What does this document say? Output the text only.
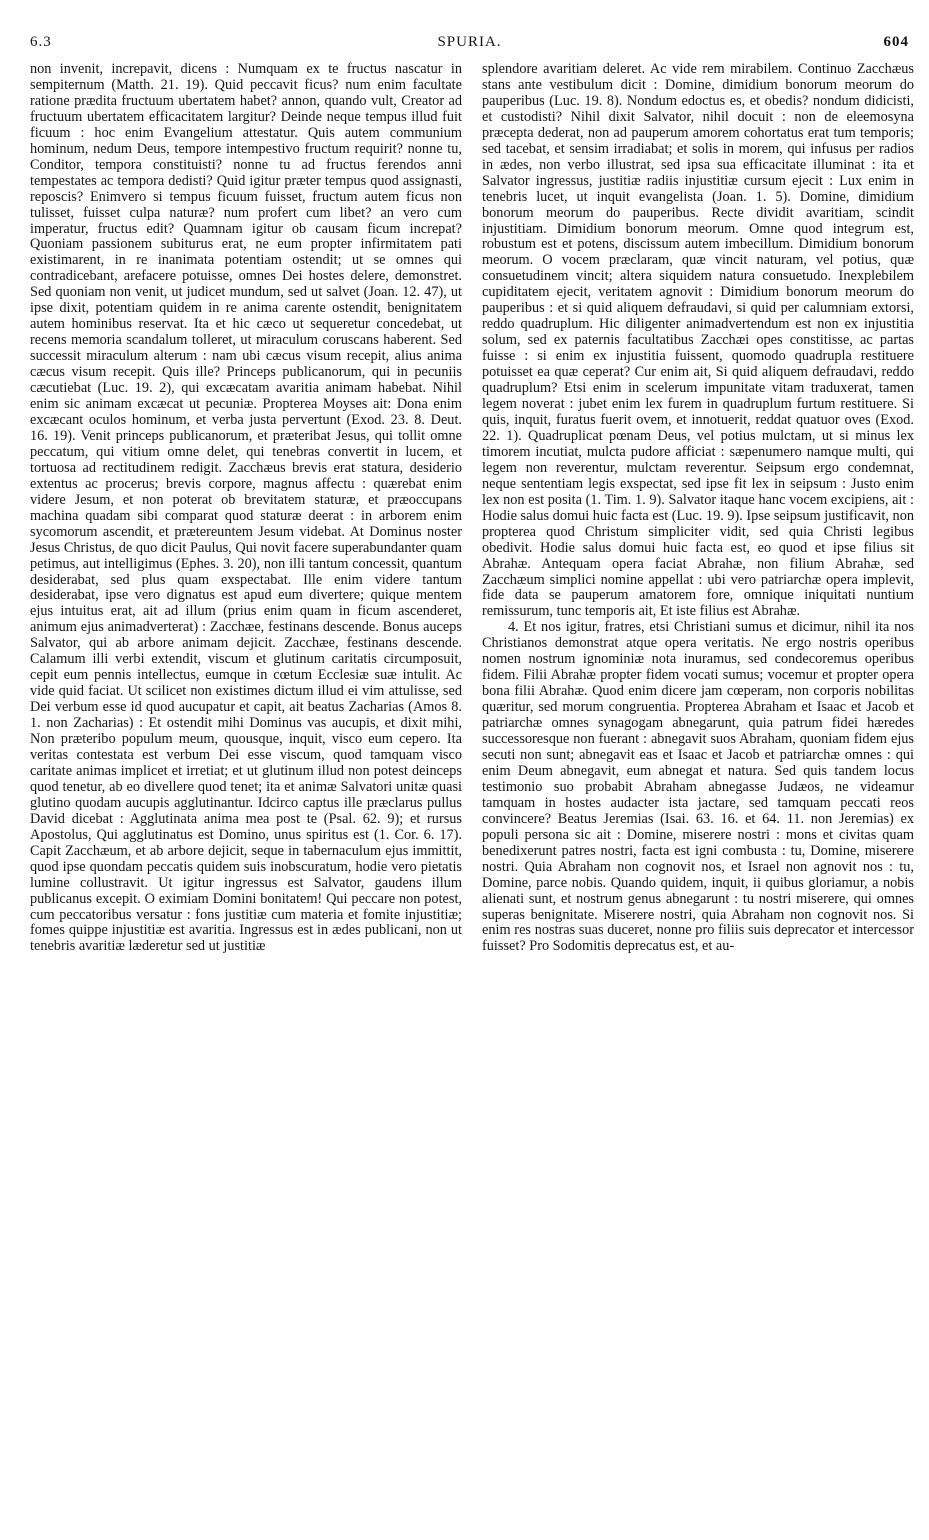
6.3	SPURIA.	604

non invenit, increpavit, dicens : Numquam ex te fructus nascatur in sempiternum (Matth. 21. 19). Quid peccavit ficus? num enim facultate ratione prædita fructuum ubertatem habet? annon, quando vult, Creator ad fructuum ubertatem efficacitatem largitur? Deinde neque tempus illud fuit ficuum : hoc enim Evangelium attestatur. Quis autem communium hominum, nedum Deus, tempore intempestivo fructum requirit? nonne tu, Conditor, tempora constituisti? nonne tu ad fructus ferendos anni tempestates ac tempora dedisti? Quid igitur præter tempus quod assignasti, reposcis? Enimvero si tempus ficuum fuisset, fructum autem ficus non tulisset, fuisset culpa naturæ? num profert cum libet? an vero cum imperatur, fructus edit? Quamnam igitur ob causam ficum increpat? Quoniam passionem subiturus erat, ne eum propter infirmitatem pati existimarent, in re inanimata potentiam ostendit; ut se omnes qui contradicebant, arefacere potuisse, omnes Dei hostes delere, demonstret. Sed quoniam non venit, ut judicet mundum, sed ut salvet (Joan. 12. 47), ut ipse dixit, potentiam quidem in re anima carente ostendit, benignitatem autem hominibus reservat. Ita et hic cæco ut sequeretur concedebat, ut recens memoria scandalum tolleret, ut miraculum coruscans haberent. Sed successit miraculum alterum : nam ubi cæcus visum recepit, alius anima cæcus visum recepit. Quis ille? Princeps publicanorum, qui in pecuniis cæcutiebat (Luc. 19. 2), qui excæcatam avaritia animam habebat. Nihil enim sic animam excæcat ut pecuniæ. Propterea Moyses ait: Dona enim excæcant oculos hominum, et verba justa pervertunt (Exod. 23. 8. Deut. 16. 19). Venit princeps publicanorum, et præteribat Jesus, qui tollit omne peccatum, qui vitium omne delet, qui tenebras convertit in lucem, et tortuosa ad rectitudinem redigit. Zacchæus brevis erat statura, desiderio extentus ac procerus; brevis corpore, magnus affectu : quærebat enim videre Jesum, et non poterat ob brevitatem staturæ, et præoccupans machina quadam sibi comparat quod staturæ deerat : in arborem enim sycomorum ascendit, et prætereuntem Jesum videbat. At Dominus noster Jesus Christus, de quo dicit Paulus, Qui novit facere superabundanter quam petimus, aut intelligimus (Ephes. 3. 20), non illi tantum concessit, quantum desiderabat, sed plus quam exspectabat. Ille enim videre tantum desiderabat, ipse vero dignatus est apud eum divertere; quique mentem ejus intuitus erat, ait ad illum (prius enim quam in ficum ascenderet, animum ejus animadverterat) : Zacchæe, festinans descende. Bonus auceps Salvator, qui ab arbore animam dejicit. Zacchæe, festinans descende. Calamum illi verbi extendit, viscum et glutinum caritatis circumposuit, cepit eum pennis intellectus, eumque in cœtum Ecclesiæ suæ intulit. Ac vide quid faciat. Ut scilicet non existimes dictum illud ei vim attulisse, sed Dei verbum esse id quod aucupatur et capit, ait beatus Zacharias (Amos 8. 1. non Zacharias) : Et ostendit mihi Dominus vas aucupis, et dixit mihi, Non præteribo populum meum, quousque, inquit, visco eum cepero. Ita veritas contestata est verbum Dei esse viscum, quod tamquam visco caritate animas implicet et irretiat; et ut glutinum illud non potest deinceps quod tenetur, ab eo divellere quod tenet; ita et animæ Salvatori unitæ quasi glutino quodam aucupis agglutinantur. Idcirco captus ille præclarus pullus David dicebat : Agglutinata anima mea post te (Psal. 62. 9); et rursus Apostolus, Qui agglutinatus est Domino, unus spiritus est (1. Cor. 6. 17). Capit Zacchæum, et ab arbore dejicit, seque in tabernaculum ejus immittit, quod ipse quondam peccatis quidem suis inobscuratum, hodie vero pietatis lumine collustravit. Ut igitur ingressus est Salvator, gaudens illum publicanus excepit. O eximiam Domini bonitatem! Qui peccare non potest, cum peccatoribus versatur : fons justitiæ cum materia et fomite injustitiæ; fomes quippe injustitiæ est avaritia. Ingressus est in ædes publicani, non ut tenebris avaritiæ læderetur sed ut justitiæ

splendore avaritiam deleret. Ac vide rem mirabilem. Continuo Zacchæus stans ante vestibulum dicit : Domine, dimidium bonorum meorum do pauperibus (Luc. 19. 8). Nondum edoctus es, et obedis? nondum didicisti, et custodisti? Nihil dixit Salvator, nihil docuit : non de eleemosyna præcepta dederat, non ad pauperum amorem cohortatus erat tum temporis; sed tacebat, et sensim irradiabat; et solis in morem, qui infusus per radios in ædes, non verbo illustrat, sed ipsa sua efficacitate illuminat : ita et Salvator ingressus, justitiæ radiis injustitiæ cursum ejecit : Lux enim in tenebris lucet, ut inquit evangelista (Joan. 1. 5). Domine, dimidium bonorum meorum do pauperibus. Recte dividit avaritiam, scindit injustitiam. Dimidium bonorum meorum. Omne quod integrum est, robustum est et potens, discissum autem imbecillum. Dimidium bonorum meorum. O vocem præclaram, quæ vincit naturam, vel potius, quæ consuetudinem vincit; altera siquidem natura consuetudo. Inexplebilem cupiditatem ejecit, veritatem agnovit : Dimidium bonorum meorum do pauperibus : et si quid aliquem defraudavi, si quid per calumniam extorsi, reddo quadruplum. Hic diligenter animadvertendum est non ex injustitia solum, sed ex paternis facultatibus Zacchæi opes constitisse, ac partas fuisse : si enim ex injustitia fuissent, quomodo quadrupla restituere potuisset ea quæ ceperat? Cur enim ait, Si quid aliquem defraudavi, reddo quadruplum? Etsi enim in scelerum impunitate vitam traduxerat, tamen legem noverat : jubet enim lex furem in quadruplum furtum restituere. Si quis, inquit, furatus fuerit ovem, et innotuerit, reddat quatuor oves (Exod. 22. 1). Quadruplicat pœnam Deus, vel potius mulctam, ut si minus lex timorem incutiat, mulcta pudore afficiat : sæpenumero namque multi, qui legem non reverentur, mulctam reverentur. Seipsum ergo condemnat, neque sententiam legis exspectat, sed ipse fit lex in seipsum : Justo enim lex non est posita (1. Tim. 1. 9). Salvator itaque hanc vocem excipiens, ait : Hodie salus domui huic facta est (Luc. 19. 9). Ipse seipsum justificavit, non propterea quod Christum simpliciter vidit, sed quia Christi legibus obedivit. Hodie salus domui huic facta est, eo quod et ipse filius sit Abrahæ. Antequam opera faciat Abrahæ, non filium Abrahæ, sed Zacchæum simplici nomine appellat : ubi vero patriarchæ opera implevit, fide data se pauperum amatorem fore, omnique iniquitati nuntium remissurum, tunc temporis ait, Et iste filius est Abrahæ.

4. Et nos igitur, fratres, etsi Christiani sumus et dicimur, nihil ita nos Christianos demonstrat atque opera veritatis. Ne ergo nostris operibus nomen nostrum ignominiæ nota inuramus, sed condecoremus operibus fidem. Filii Abrahæ propter fidem vocati sumus; vocemur et propter opera bona filii Abrahæ. Quod enim dicere jam cœperam, non corporis nobilitas quæritur, sed morum congruentia. Propterea Abraham et Isaac et Jacob et patriarchæ omnes synagogam abnegarunt, quia patrum fidei hæredes successoresque non fuerant : abnegavit suos Abraham, quoniam fidem ejus secuti non sunt; abnegavit eas et Isaac et Jacob et patriarchæ omnes : qui enim Deum abnegavit, eum abnegat et natura. Sed quis tandem locus testimonio suo probabit Abraham abnegasse Judæos, ne videamur tamquam in hostes audacter ista jactare, sed tamquam peccati reos convincere? Beatus Jeremias (Isai. 63. 16. et 64. 11. non Jeremias) ex populi persona sic ait : Domine, miserere nostri : mons et civitas quam benedixerunt patres nostri, facta est igni combusta : tu, Domine, miserere nostri. Quia Abraham non cognovit nos, et Israel non agnovit nos : tu, Domine, parce nobis. Quando quidem, inquit, ii quibus gloriamur, a nobis alienati sunt, et nostrum genus abnegarunt : tu nostri miserere, qui omnes superas benignitate. Miserere nostri, quia Abraham non cognovit nos. Si enim res nostras suas duceret, nonne pro filiis suis deprecator et intercessor fuisset? Pro Sodomitis deprecatus est, et au-
